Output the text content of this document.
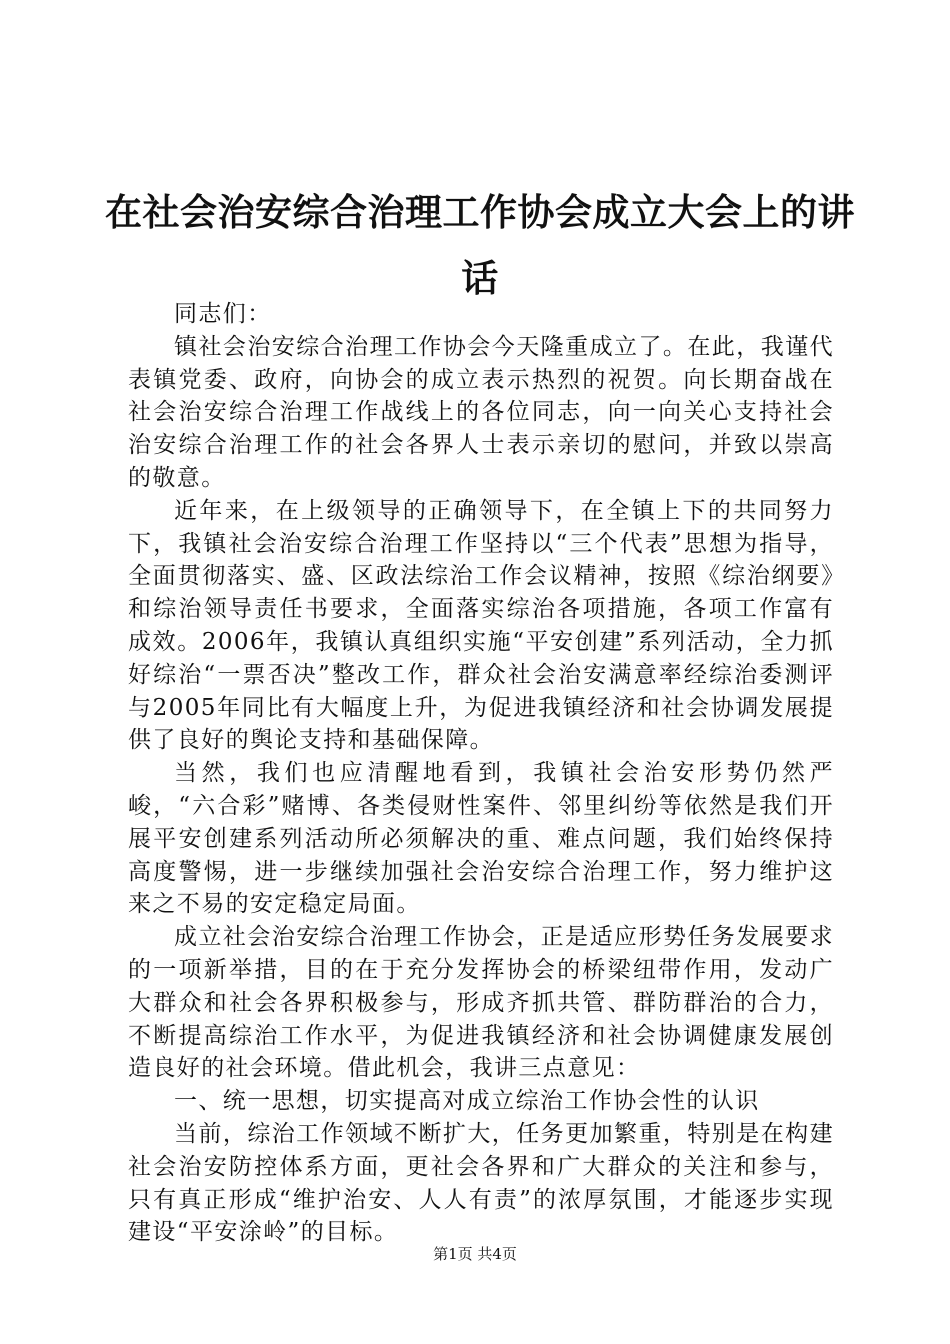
在社会治安综合治理工作协会成立大会上的讲话

同志们：

镇社会治安综合治理工作协会今天隆重成立了。在此，我谨代表镇党委、政府，向协会的成立表示热烈的祝贺。向长期奋战在社会治安综合治理工作战线上的各位同志，向一向关心支持社会治安综合治理工作的社会各界人士表示亲切的慰问，并致以崇高的敬意。

近年来，在上级领导的正确领导下，在全镇上下的共同努力下，我镇社会治安综合治理工作坚持以“三个代表”思想为指导，全面贯彻落实、盛、区政法综治工作会议精神，按照《综治纲要》和综治领导责任书要求，全面落实综治各项措施，各项工作富有成效。2006年，我镇认真组织实施“平安创建”系列活动，全力抓好综治“一票否决”整改工作，群众社会治安满意率经综治委测评与2005年同比有大幅度上升，为促进我镇经济和社会协调发展提供了良好的舆论支持和基础保障。

当然，我们也应清醒地看到，我镇社会治安形势仍然严峻，“六合彩”赌博、各类侵财性案件、邻里纠纷等依然是我们开展平安创建系列活动所必须解决的重、难点问题，我们始终保持高度警惕，进一步继续加强社会治安综合治理工作，努力维护这来之不易的安定稳定局面。

成立社会治安综合治理工作协会，正是适应形势任务发展要求的一项新举措，目的在于充分发挥协会的桥梁纽带作用，发动广大群众和社会各界积极参与，形成齐抓共管、群防群治的合力，不断提高综治工作水平，为促进我镇经济和社会协调健康发展创造良好的社会环境。借此机会，我讲三点意见：

一、统一思想，切实提高对成立综治工作协会性的认识

当前，综治工作领域不断扩大，任务更加繁重，特别是在构建社会治安防控体系方面，更社会各界和广大群众的关注和参与，只有真正形成“维护治安、人人有责”的浓厚氛围，才能逐步实现建设“平安涂岭”的目标。

第1页 共4页
